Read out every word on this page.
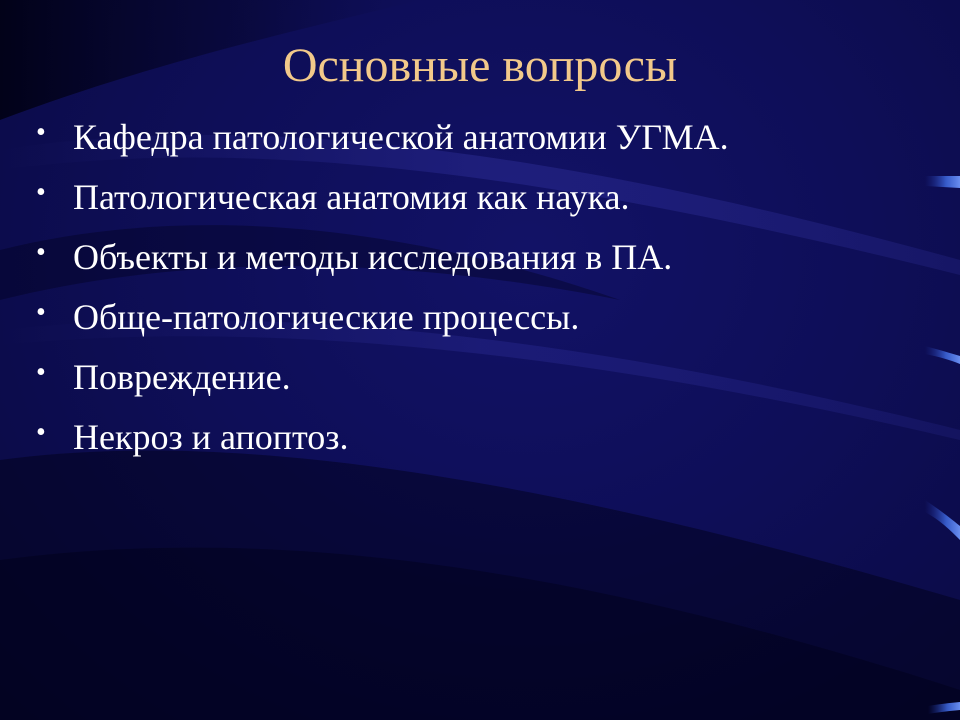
Основные вопросы
• Кафедра патологической анатомии УГМА.
• Патологическая анатомия как наука.
• Объекты и методы исследования в ПА.
• Обще-патологические процессы.
• Повреждение.
• Некроз и апоптоз.
